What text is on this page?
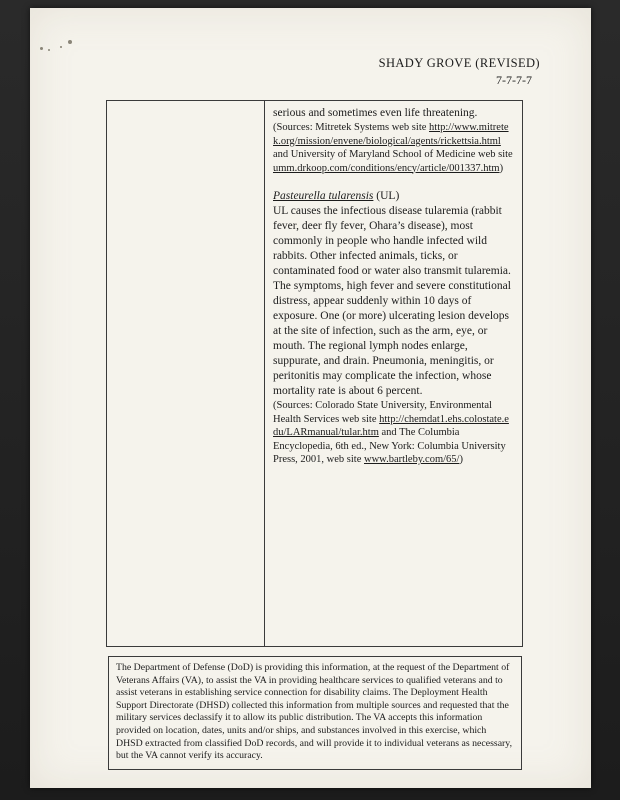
SHADY GROVE (REVISED)
7-7-7-7

serious and sometimes even life threatening.

(Sources: Mitretek Systems web site http://www.mitretek.org/mission/envene/biological/agents/rickettsia.html and University of Maryland School of Medicine web site umm.drkoop.com/conditions/ency/article/001337.htm)

Pasteurella tularensis (UL)

UL causes the infectious disease tularemia (rabbit fever, deer fly fever, Ohara’s disease), most commonly in people who handle infected wild rabbits. Other infected animals, ticks, or contaminated food or water also transmit tularemia. The symptoms, high fever and severe constitutional distress, appear suddenly within 10 days of exposure. One (or more) ulcerating lesion develops at the site of infection, such as the arm, eye, or mouth. The regional lymph nodes enlarge, suppurate, and drain. Pneumonia, meningitis, or peritonitis may complicate the infection, whose mortality rate is about 6 percent.

(Sources: Colorado State University, Environmental Health Services web site http://chemdat1.ehs.colostate.edu/LARmanual/tular.htm and The Columbia Encyclopedia, 6th ed., New York: Columbia University Press, 2001, web site www.bartleby.com/65/)

The Department of Defense (DoD) is providing this information, at the request of the Department of Veterans Affairs (VA), to assist the VA in providing healthcare services to qualified veterans and to assist veterans in establishing service connection for disability claims. The Deployment Health Support Directorate (DHSD) collected this information from multiple sources and requested that the military services declassify it to allow its public distribution. The VA accepts this information provided on location, dates, units and/or ships, and substances involved in this exercise, which DHSD extracted from classified DoD records, and will provide it to individual veterans as necessary, but the VA cannot verify its accuracy.
